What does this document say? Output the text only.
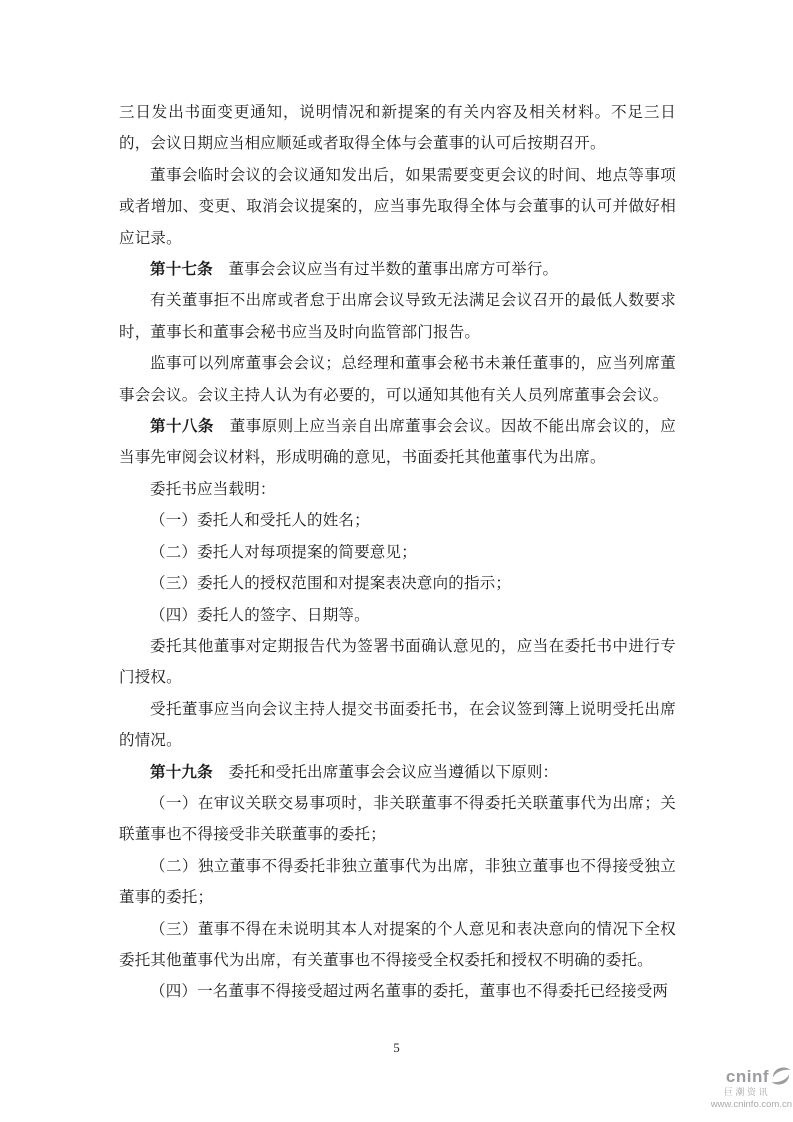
三日发出书面变更通知，说明情况和新提案的有关内容及相关材料。不足三日的，会议日期应当相应顺延或者取得全体与会董事的认可后按期召开。

董事会临时会议的会议通知发出后，如果需要变更会议的时间、地点等事项或者增加、变更、取消会议提案的，应当事先取得全体与会董事的认可并做好相应记录。

第十七条　董事会会议应当有过半数的董事出席方可举行。

有关董事拒不出席或者怠于出席会议导致无法满足会议召开的最低人数要求时，董事长和董事会秘书应当及时向监管部门报告。

监事可以列席董事会会议；总经理和董事会秘书未兼任董事的，应当列席董事会会议。会议主持人认为有必要的，可以通知其他有关人员列席董事会会议。

第十八条　董事原则上应当亲自出席董事会会议。因故不能出席会议的，应当事先审阅会议材料，形成明确的意见，书面委托其他董事代为出席。

委托书应当载明：

（一）委托人和受托人的姓名；

（二）委托人对每项提案的简要意见；

（三）委托人的授权范围和对提案表决意向的指示；

（四）委托人的签字、日期等。

委托其他董事对定期报告代为签署书面确认意见的，应当在委托书中进行专门授权。

受托董事应当向会议主持人提交书面委托书，在会议签到簿上说明受托出席的情况。

第十九条　委托和受托出席董事会会议应当遵循以下原则：

（一）在审议关联交易事项时，非关联董事不得委托关联董事代为出席；关联董事也不得接受非关联董事的委托；

（二）独立董事不得委托非独立董事代为出席，非独立董事也不得接受独立董事的委托；

（三）董事不得在未说明其本人对提案的个人意见和表决意向的情况下全权委托其他董事代为出席，有关董事也不得接受全权委托和授权不明确的委托。

（四）一名董事不得接受超过两名董事的委托，董事也不得委托已经接受两

5
cninf
巨潮资讯
www.cninfo.com.cn
